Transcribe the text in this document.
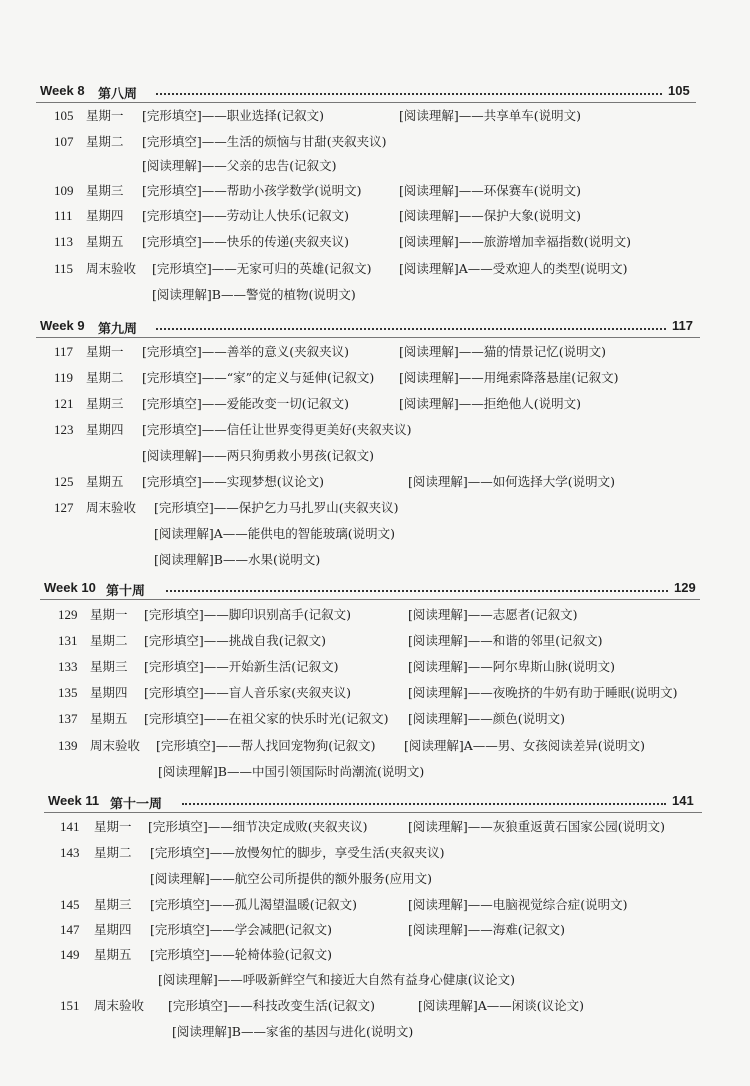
Week 8 第八周	105
105 星期一 [完形填空]——职业选择(记叙文)	[阅读理解]——共享单车(说明文)
107 星期二 [完形填空]——生活的烦恼与甘甜(夹叙夹议)
[阅读理解]——父亲的忠告(记叙文)
109 星期三 [完形填空]——帮助小孩学数学(说明文)	[阅读理解]——环保赛车(说明文)
111 星期四 [完形填空]——劳动让人快乐(记叙文)	[阅读理解]——保护大象(说明文)
113 星期五 [完形填空]——快乐的传递(夹叙夹议)	[阅读理解]——旅游增加幸福指数(说明文)
115 周末验收 [完形填空]——无家可归的英雄(记叙文) [阅读理解]A——受欢迎人的类型(说明文)
[阅读理解]B——警觉的植物(说明文)
Week 9 第九周	117
117 星期一 [完形填空]——善举的意义(夹叙夹议)	[阅读理解]——猫的情景记忆(说明文)
119 星期二 [完形填空]——“家”的定义与延伸(记叙文) [阅读理解]——用绳索降落悬崖(记叙文)
121 星期三 [完形填空]——爱能改变一切(记叙文)	[阅读理解]——拒绝他人(说明文)
123 星期四 [完形填空]——信任让世界变得更美好(夹叙夹议)
[阅读理解]——两只狗勇救小男孩(记叙文)
125 星期五 [完形填空]——实现梦想(议论文)	[阅读理解]——如何选择大学(说明文)
127 周末验收 [完形填空]——保护乞力马扎罗山(夹叙夹议)
[阅读理解]A——能供电的智能玻璃(说明文)
[阅读理解]B——水果(说明文)
Week 10 第十周	129
129 星期一 [完形填空]——脚印识别高手(记叙文)	[阅读理解]——志愿者(记叙文)
131 星期二 [完形填空]——挑战自我(记叙文)	[阅读理解]——和谐的邻里(记叙文)
133 星期三 [完形填空]——开始新生活(记叙文)	[阅读理解]——阿尔卑斯山脉(说明文)
135 星期四 [完形填空]——盲人音乐家(夹叙夹议)	[阅读理解]——夜晚挤的牛奶有助于睡眠(说明文)
137 星期五 [完形填空]——在祖父家的快乐时光(记叙文) [阅读理解]——颜色(说明文)
139 周末验收 [完形填空]——帮人找回宠物狗(记叙文) [阅读理解]A——男、女孩阅读差异(说明文)
[阅读理解]B——中国引领国际时尚潮流(说明文)
Week 11 第十一周	141
141 星期一 [完形填空]——细节决定成败(夹叙夹议)	[阅读理解]——灰狼重返黄石国家公园(说明文)
143 星期二 [完形填空]——放慢匆忙的脚步，享受生活(夹叙夹议)
[阅读理解]——航空公司所提供的额外服务(应用文)
145 星期三 [完形填空]——孤儿渴望温暖(记叙文)	[阅读理解]——电脑视觉综合症(说明文)
147 星期四 [完形填空]——学会减肥(记叙文)	[阅读理解]——海难(记叙文)
149 星期五 [完形填空]——轮椅体验(记叙文)
[阅读理解]——呼吸新鲜空气和接近大自然有益身心健康(议论文)
151 周末验收 [完形填空]——科技改变生活(记叙文)	[阅读理解]A——闲谈(议论文)
[阅读理解]B——家雀的基因与进化(说明文)
